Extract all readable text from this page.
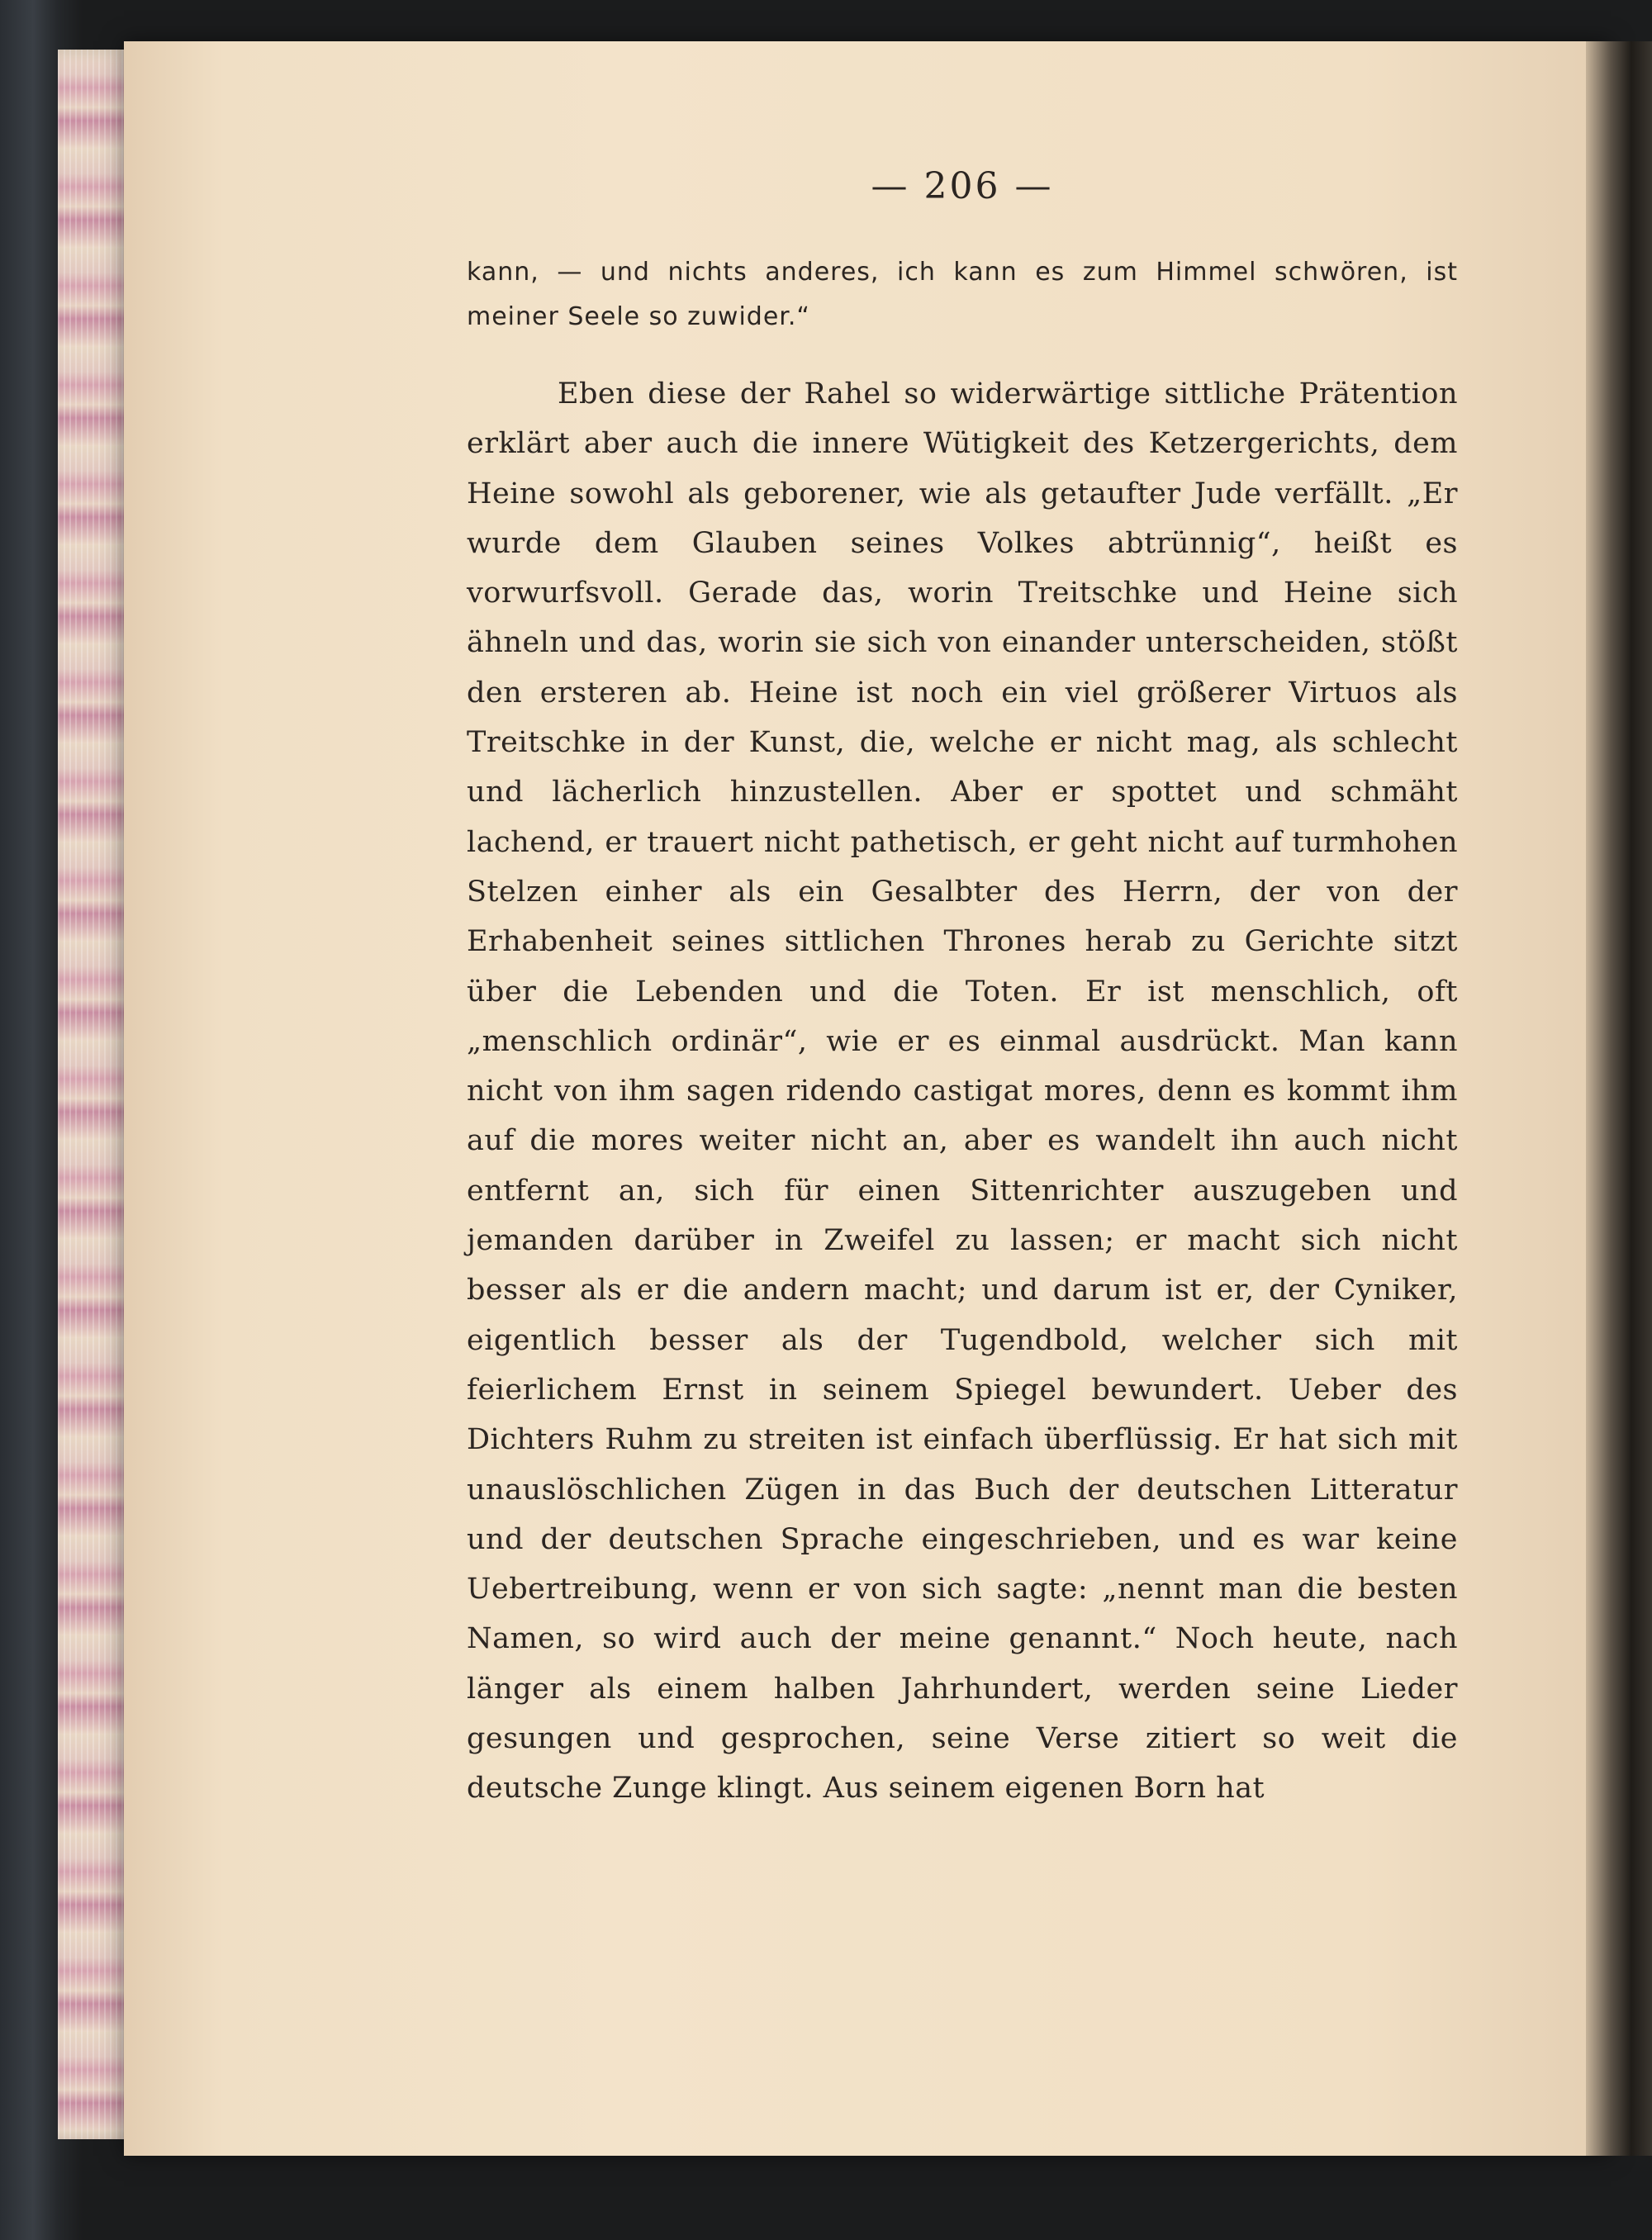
— 206 —
kann, — und nichts anderes, ich kann es zum Himmel schwören, ist meiner Seele so zuwider.“

Eben diese der Rahel so widerwärtige sittliche Prätention erklärt aber auch die innere Wütigkeit des Ketzergerichts, dem Heine sowohl als geborener, wie als getaufter Jude verfällt. „Er wurde dem Glauben seines Volkes abtrünnig“, heißt es vorwurfsvoll. Gerade das, worin Treitschke und Heine sich ähneln und das, worin sie sich von einander unterscheiden, stößt den ersteren ab. Heine ist noch ein viel größerer Virtuos als Treitschke in der Kunst, die, welche er nicht mag, als schlecht und lächerlich hinzustellen. Aber er spottet und schmäht lachend, er trauert nicht pathetisch, er geht nicht auf turmhohen Stelzen einher als ein Gesalbter des Herrn, der von der Erhabenheit seines sittlichen Thrones herab zu Gerichte sitzt über die Lebenden und die Toten. Er ist menschlich, oft „menschlich ordinär“, wie er es einmal ausdrückt. Man kann nicht von ihm sagen ridendo castigat mores, denn es kommt ihm auf die mores weiter nicht an, aber es wandelt ihn auch nicht entfernt an, sich für einen Sittenrichter auszugeben und jemanden darüber in Zweifel zu lassen; er macht sich nicht besser als er die andern macht; und darum ist er, der Cyniker, eigentlich besser als der Tugendbold, welcher sich mit feierlichem Ernst in seinem Spiegel bewundert. Ueber des Dichters Ruhm zu streiten ist einfach überflüssig. Er hat sich mit unauslöschlichen Zügen in das Buch der deutschen Litteratur und der deutschen Sprache eingeschrieben, und es war keine Uebertreibung, wenn er von sich sagte: „nennt man die besten Namen, so wird auch der meine genannt.“ Noch heute, nach länger als einem halben Jahrhundert, werden seine Lieder gesungen und gesprochen, seine Verse zitiert so weit die deutsche Zunge klingt. Aus seinem eigenen Born hat
